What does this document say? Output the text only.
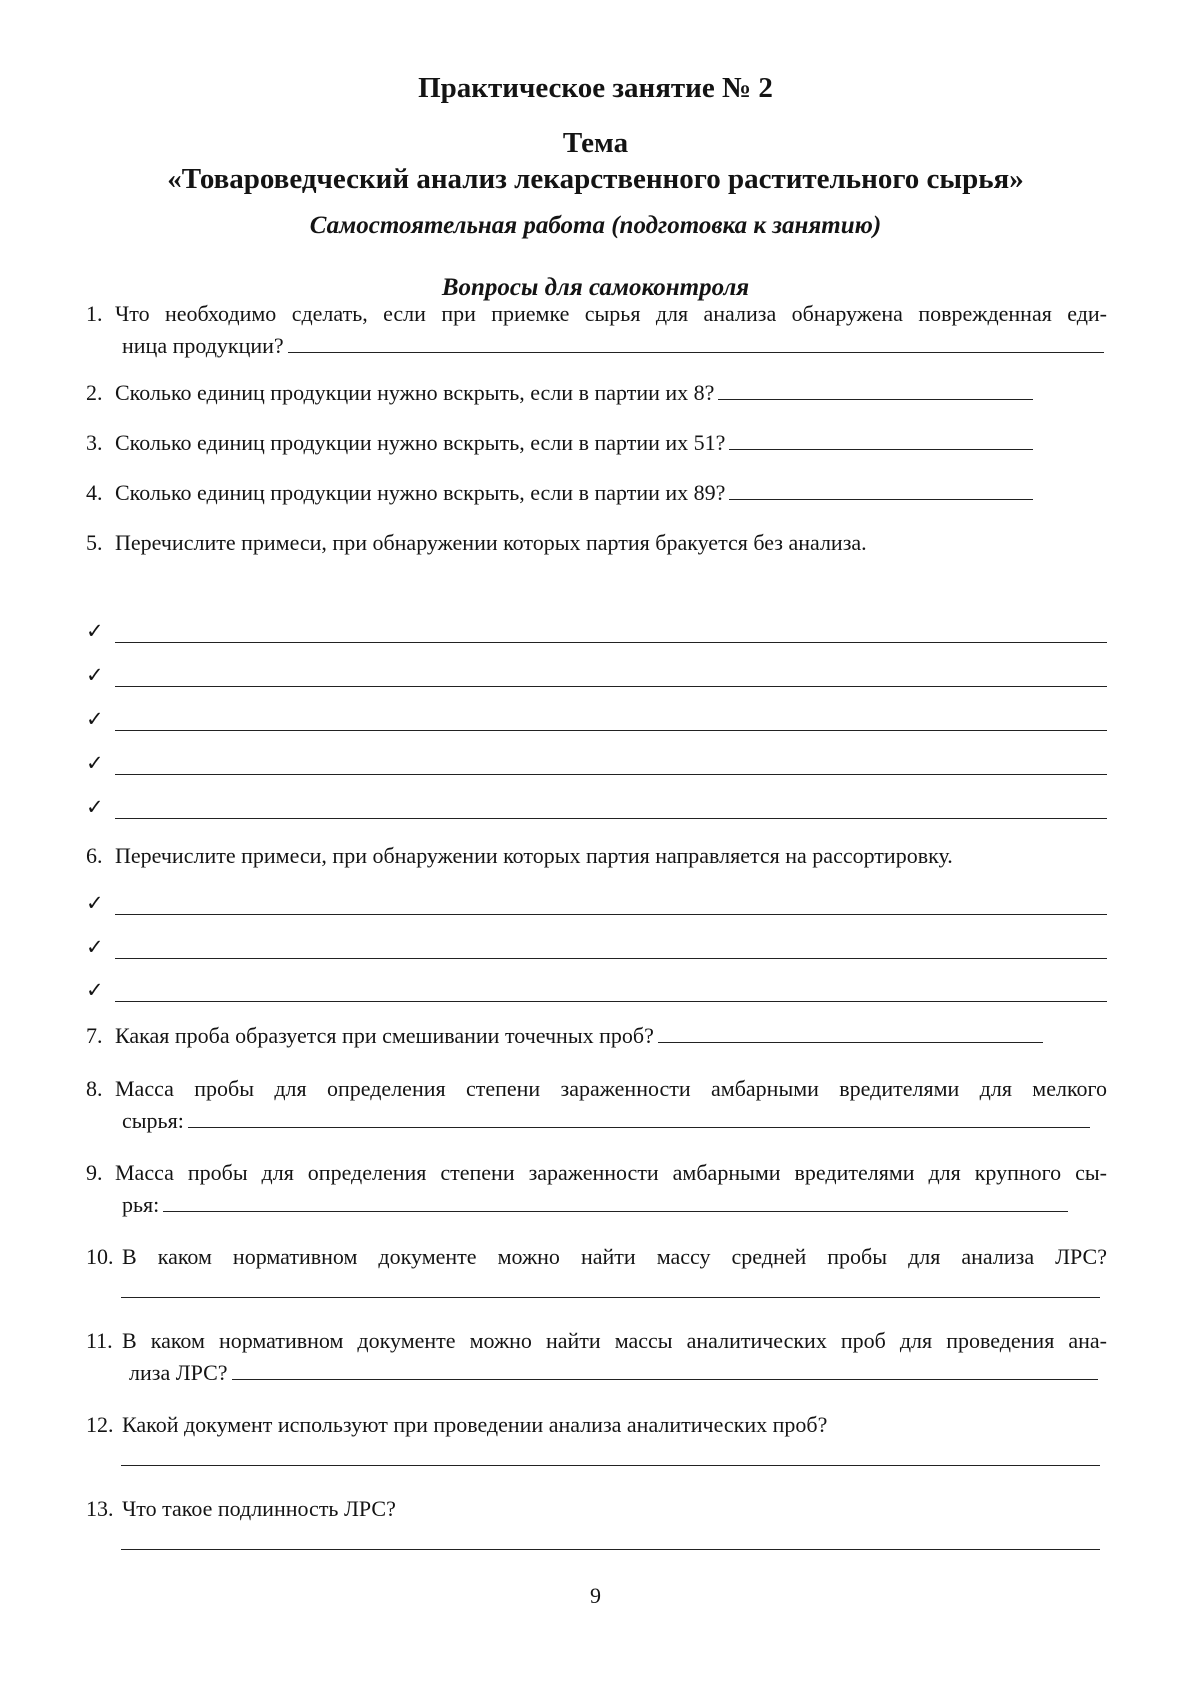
Практическое занятие № 2
Тема
«Товароведческий анализ лекарственного растительного сырья»
Самостоятельная работа (подготовка к занятию)
Вопросы для самоконтроля
1. Что необходимо сделать, если при приемке сырья для анализа обнаружена поврежденная еди-
ница продукции?
2. Сколько единиц продукции нужно вскрыть, если в партии их 8?
3. Сколько единиц продукции нужно вскрыть, если в партии их 51?
4. Сколько единиц продукции нужно вскрыть, если в партии их 89?
5. Перечислите примеси, при обнаружении которых партия бракуется без анализа.
✓
✓
✓
✓
✓
6. Перечислите примеси, при обнаружении которых партия направляется на рассортировку.
✓
✓
✓
7. Какая проба образуется при смешивании точечных проб?
8. Масса пробы для определения степени зараженности амбарными вредителями для мелкого
сырья:
9. Масса пробы для определения степени зараженности амбарными вредителями для крупного сы-
рья:
10. В каком нормативном документе можно найти массу средней пробы для анализа ЛРС?
11. В каком нормативном документе можно найти массы аналитических проб для проведения ана-
лиза ЛРС?
12. Какой документ используют при проведении анализа аналитических проб?
13. Что такое подлинность ЛРС?
9
